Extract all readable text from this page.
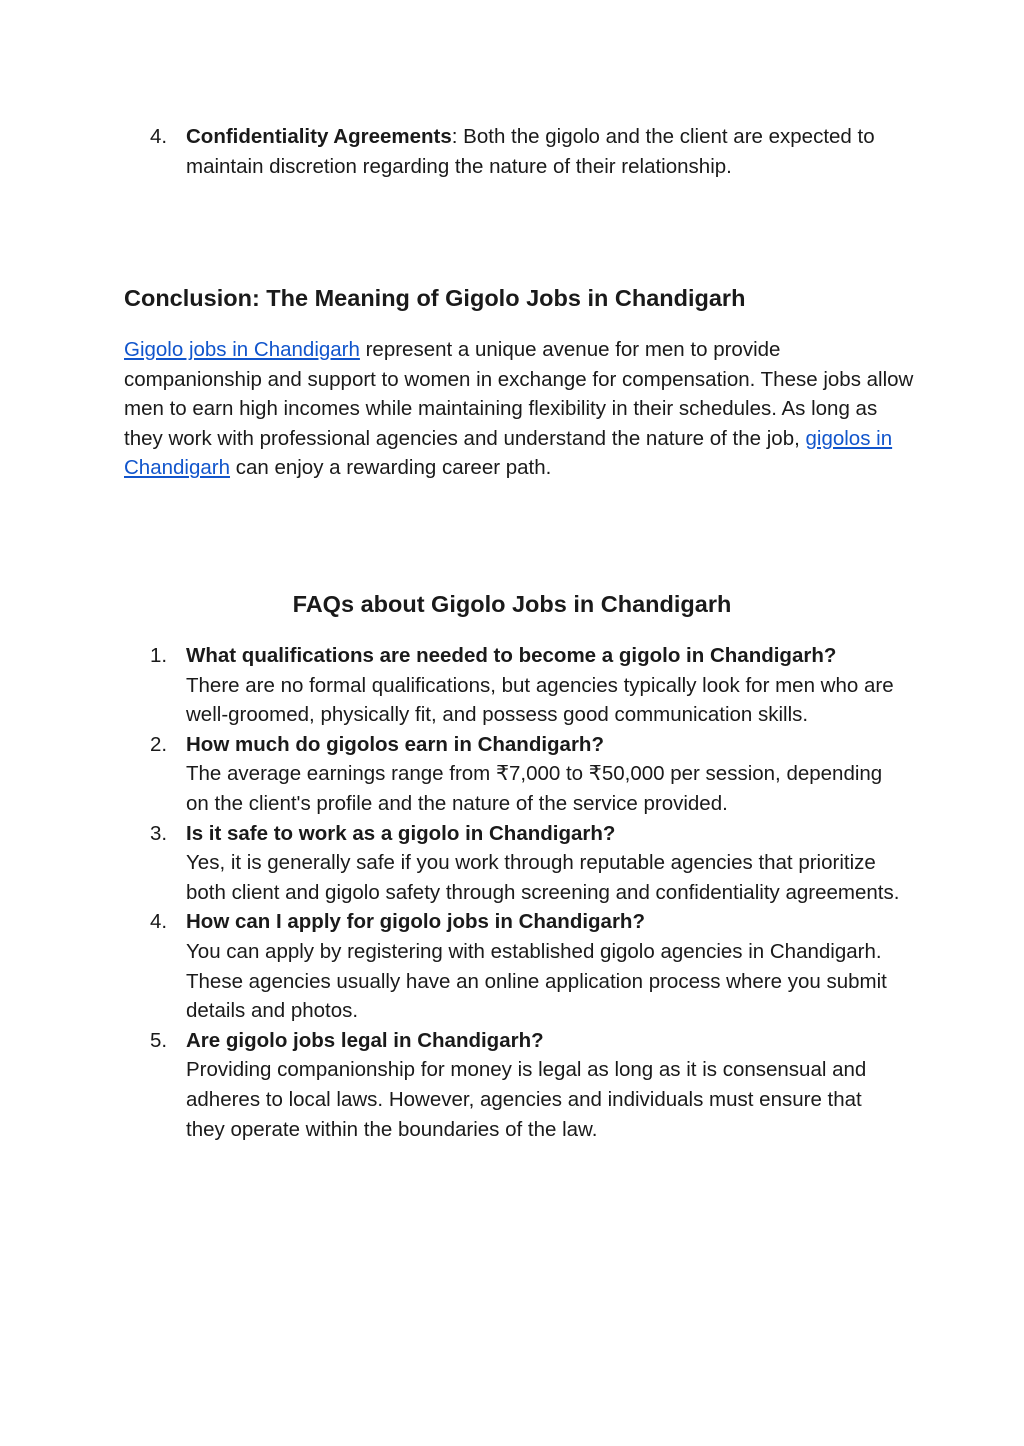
4. Confidentiality Agreements: Both the gigolo and the client are expected to maintain discretion regarding the nature of their relationship.
Conclusion: The Meaning of Gigolo Jobs in Chandigarh

Gigolo jobs in Chandigarh represent a unique avenue for men to provide companionship and support to women in exchange for compensation. These jobs allow men to earn high incomes while maintaining flexibility in their schedules. As long as they work with professional agencies and understand the nature of the job, gigolos in Chandigarh can enjoy a rewarding career path.

FAQs about Gigolo Jobs in Chandigarh
1. What qualifications are needed to become a gigolo in Chandigarh?
There are no formal qualifications, but agencies typically look for men who are well-groomed, physically fit, and possess good communication skills.
2. How much do gigolos earn in Chandigarh?
The average earnings range from ₹7,000 to ₹50,000 per session, depending on the client's profile and the nature of the service provided.
3. Is it safe to work as a gigolo in Chandigarh?
Yes, it is generally safe if you work through reputable agencies that prioritize both client and gigolo safety through screening and confidentiality agreements.
4. How can I apply for gigolo jobs in Chandigarh?
You can apply by registering with established gigolo agencies in Chandigarh. These agencies usually have an online application process where you submit details and photos.
5. Are gigolo jobs legal in Chandigarh?
Providing companionship for money is legal as long as it is consensual and adheres to local laws. However, agencies and individuals must ensure that they operate within the boundaries of the law.
